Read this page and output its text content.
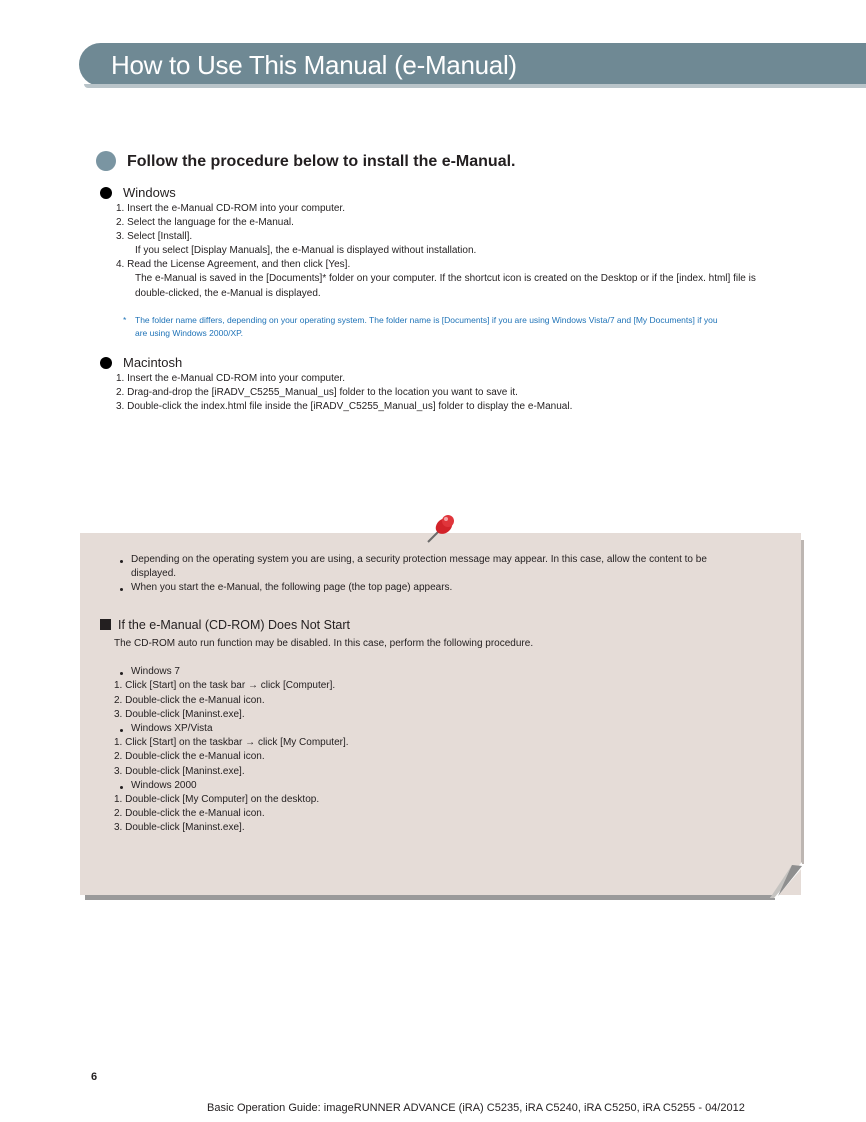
How to Use This Manual (e-Manual)
Follow the procedure below to install the e-Manual.
Windows
1. Insert the e-Manual CD-ROM into your computer.
2. Select the language for the e-Manual.
3. Select [Install].
If you select [Display Manuals], the e-Manual is displayed without installation.
4. Read the License Agreement, and then click [Yes].
The e-Manual is saved in the [Documents]* folder on your computer. If the shortcut icon is created on the Desktop or if the [index. html] file is
double-clicked, the e-Manual is displayed.
* The folder name differs, depending on your operating system. The folder name is [Documents] if you are using Windows Vista/7 and [My Documents] if you
are using Windows 2000/XP.
Macintosh
1. Insert the e-Manual CD-ROM into your computer.
2. Drag-and-drop the [iRADV_C5255_Manual_us] folder to the location you want to save it.
3. Double-click the index.html file inside the [iRADV_C5255_Manual_us] folder to display the e-Manual.
Depending on the operating system you are using, a security protection message may appear. In this case, allow the content to be
displayed.
When you start the e-Manual, the following page (the top page) appears.
If the e-Manual (CD-ROM) Does Not Start
The CD-ROM auto run function may be disabled. In this case, perform the following procedure.
Windows 7
1. Click [Start] on the task bar → click [Computer].
2. Double-click the e-Manual icon.
3. Double-click [Maninst.exe].
Windows XP/Vista
1. Click [Start] on the taskbar → click [My Computer].
2. Double-click the e-Manual icon.
3. Double-click [Maninst.exe].
Windows 2000
1. Double-click [My Computer] on the desktop.
2. Double-click the e-Manual icon.
3. Double-click [Maninst.exe].
6
Basic Operation Guide: imageRUNNER ADVANCE (iRA) C5235, iRA C5240, iRA C5250, iRA C5255 - 04/2012
